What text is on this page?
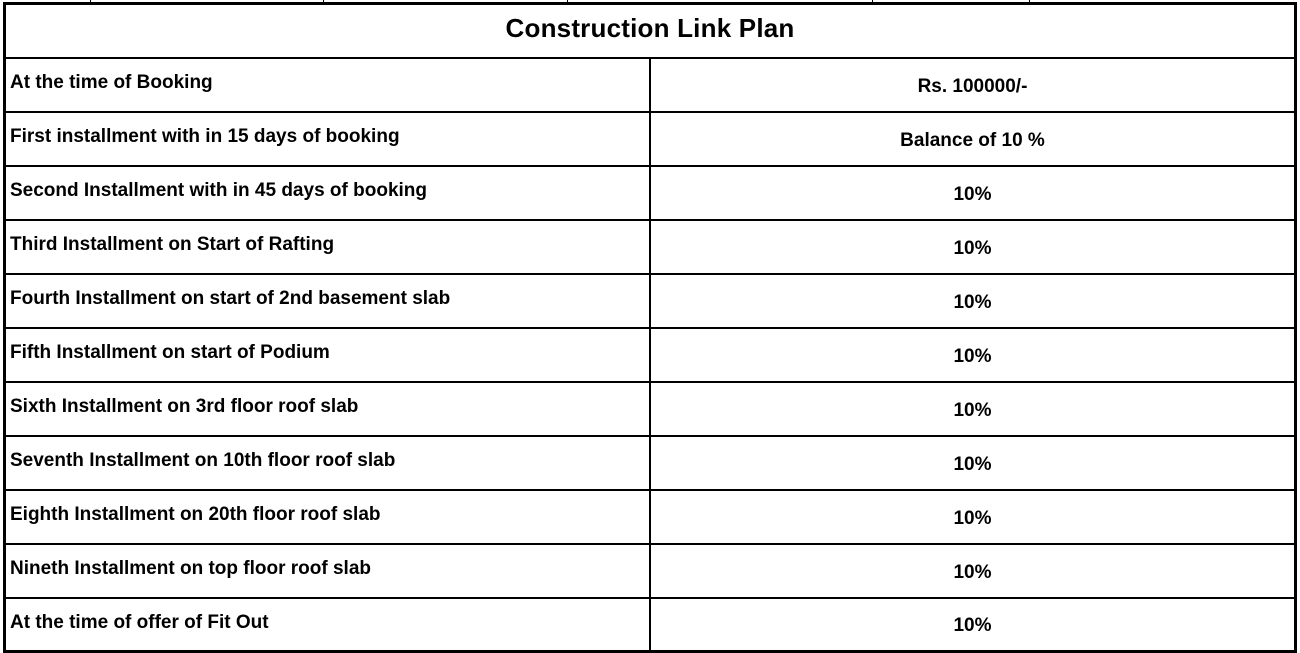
Construction Link Plan	
At the time of Booking	Rs. 100000/-
First installment with in 15 days of booking	Balance of 10 %
Second Installment with in 45 days of booking	10%
Third Installment on Start of Rafting	10%
Fourth Installment on start of 2nd basement slab	10%
Fifth Installment on start of Podium	10%
Sixth Installment on 3rd floor roof slab	10%
Seventh Installment on 10th floor roof slab	10%
Eighth Installment on 20th floor roof slab	10%
Nineth Installment on top floor roof slab	10%
At the time of offer of Fit Out	10%
